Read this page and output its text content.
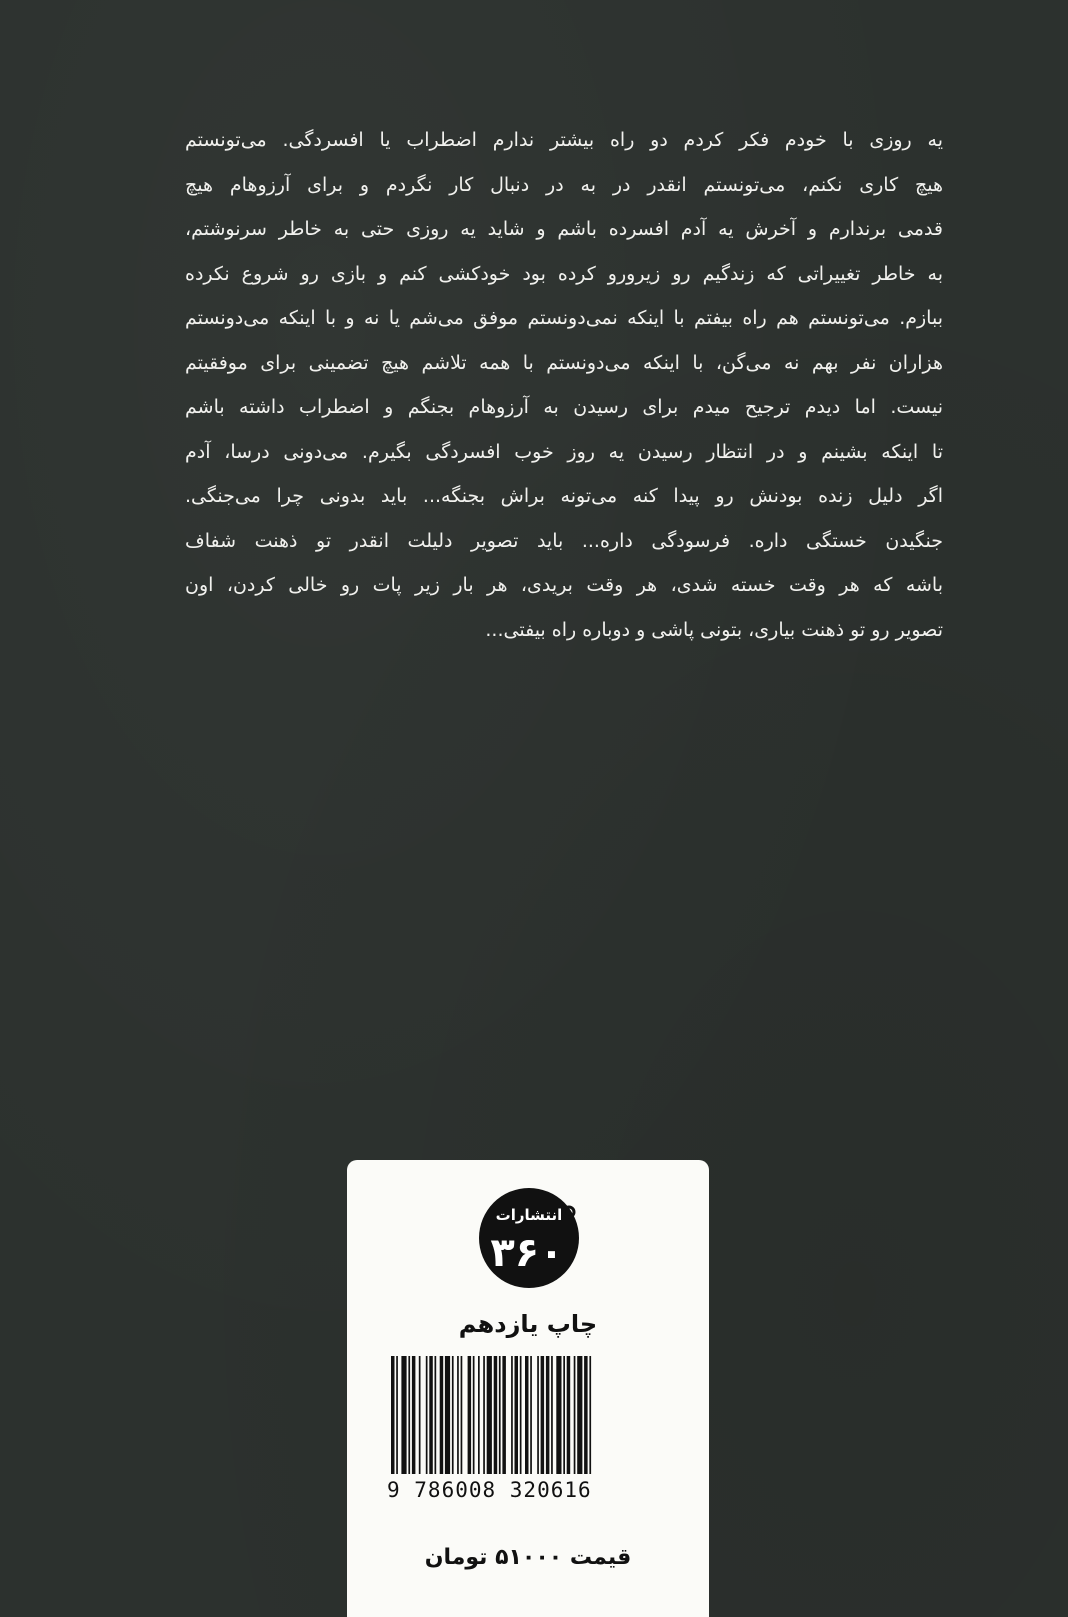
یه روزی با خودم فکر کردم دو راه بیشتر ندارم اضطراب یا افسردگی. می‌تونستم
هیچ کاری نکنم، می‌تونستم انقدر در به در دنبال کار نگردم و برای آرزوهام هیچ
قدمی برندارم و آخرش یه آدم افسرده باشم و شاید یه روزی حتی به خاطر سرنوشتم،
به خاطر تغییراتی که زندگیم رو زیرورو کرده بود خودکشی کنم و بازی رو شروع نکرده
ببازم. می‌تونستم هم راه بیفتم با اینکه نمی‌دونستم موفق می‌شم یا نه و با اینکه می‌دونستم
هزاران نفر بهم نه می‌گن، با اینکه می‌دونستم با همه تلاشم هیچ تضمینی برای موفقیتم
نیست. اما دیدم ترجیح میدم برای رسیدن به آرزوهام بجنگم و اضطراب داشته باشم
تا اینکه بشینم و در انتظار رسیدن یه روز خوب افسردگی بگیرم. می‌دونی درسا، آدم
اگر دلیل زنده بودنش رو پیدا کنه می‌تونه براش بجنگه... باید بدونی چرا می‌جنگی.
جنگیدن خستگی داره. فرسودگی داره... باید تصویر دلیلت انقدر تو ذهنت شفاف
باشه که هر وقت خسته شدی، هر وقت بریدی، هر بار زیر پات رو خالی کردن، اون
تصویر رو تو ذهنت بیاری، بتونی پاشی و دوباره راه بیفتی...
انتشارات
۳۶۰
چاپ یازدهم
9 786008 320616
قیمت ۵۱۰۰۰ تومان
